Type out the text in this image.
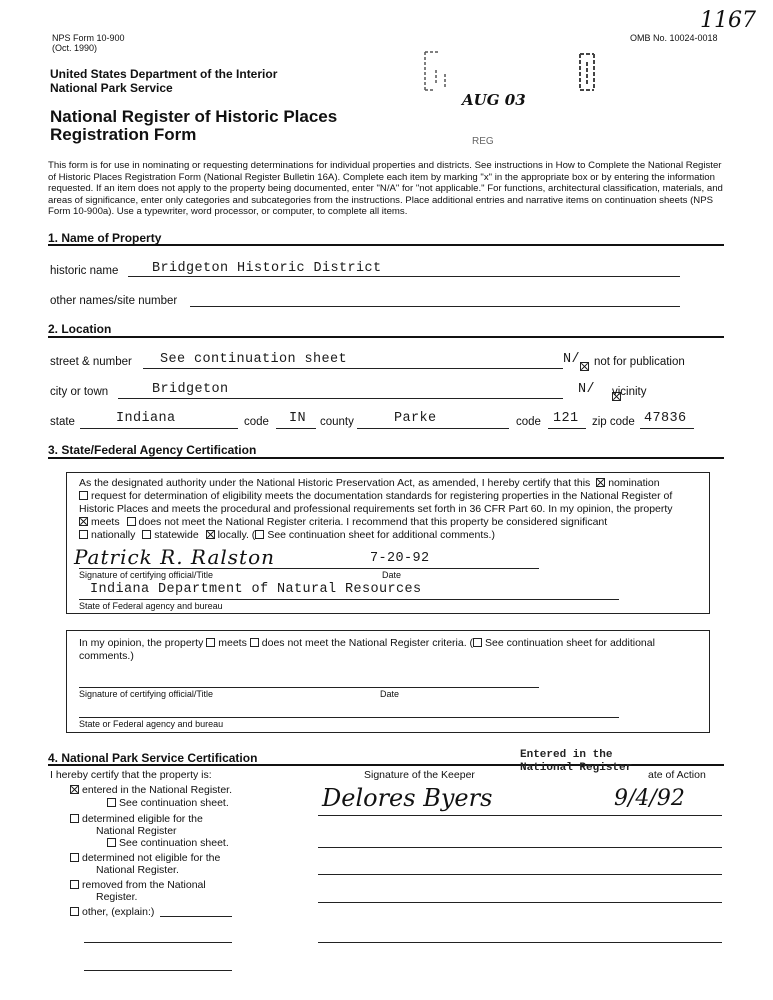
NPS Form 10-900
(Oct. 1990)
OMB No. 10024-0018
1167
United States Department of the Interior
National Park Service
National Register of Historic Places
Registration Form
AUG 03
REG
This form is for use in nominating or requesting determinations for individual properties and districts. See instructions in How to Complete the National Register of Historic Places Registration Form (National Register Bulletin 16A). Complete each item by marking "x" in the appropriate box or by entering the information requested. If an item does not apply to the property being documented, enter "N/A" for "not applicable." For functions, architectural classification, materials, and areas of significance, enter only categories and subcategories from the instructions. Place additional entries and narrative items on continuation sheets (NPS Form 10-900a). Use a typewriter, word processor, or computer, to complete all items.
1. Name of Property
historic name Bridgeton Historic District
other names/site number
2. Location
street & number See continuation sheet	N/
not for publication
city or town	Bridgeton	N/ vicinity
state	Indiana	code IN county	Parke	code 121 zip code 47836
3. State/Federal Agency Certification
As the designated authority under the National Historic Preservation Act, as amended, I hereby certify that this nomination
request for determination of eligibility meets the documentation standards for registering properties in the National Register of
Historic Places and meets the procedural and professional requirements set forth in 36 CFR Part 60. In my opinion, the property
meets does not meet the National Register criteria. I recommend that this property be considered significant
nationally statewide locally. ( See continuation sheet for additional comments.)
Patrick R. Ralston	7-20-92
Signature of certifying official/Title	Date
Indiana Department of Natural Resources
State of Federal agency and bureau
In my opinion, the property meets does not meet the National Register criteria. ( See continuation sheet for additional
comments.)
Signature of certifying official/Title	Date
State or Federal agency and bureau
4. National Park Service Certification
I hereby certify that the property is:	Signature of the Keeper	ate of Action
Entered in the
National Register
entered in the National Register.
See continuation sheet.
determined eligible for the
National Register
See continuation sheet.
determined not eligible for the
National Register.
removed from the National
Register.
other, (explain:)
Delores Byers	9/4/92
